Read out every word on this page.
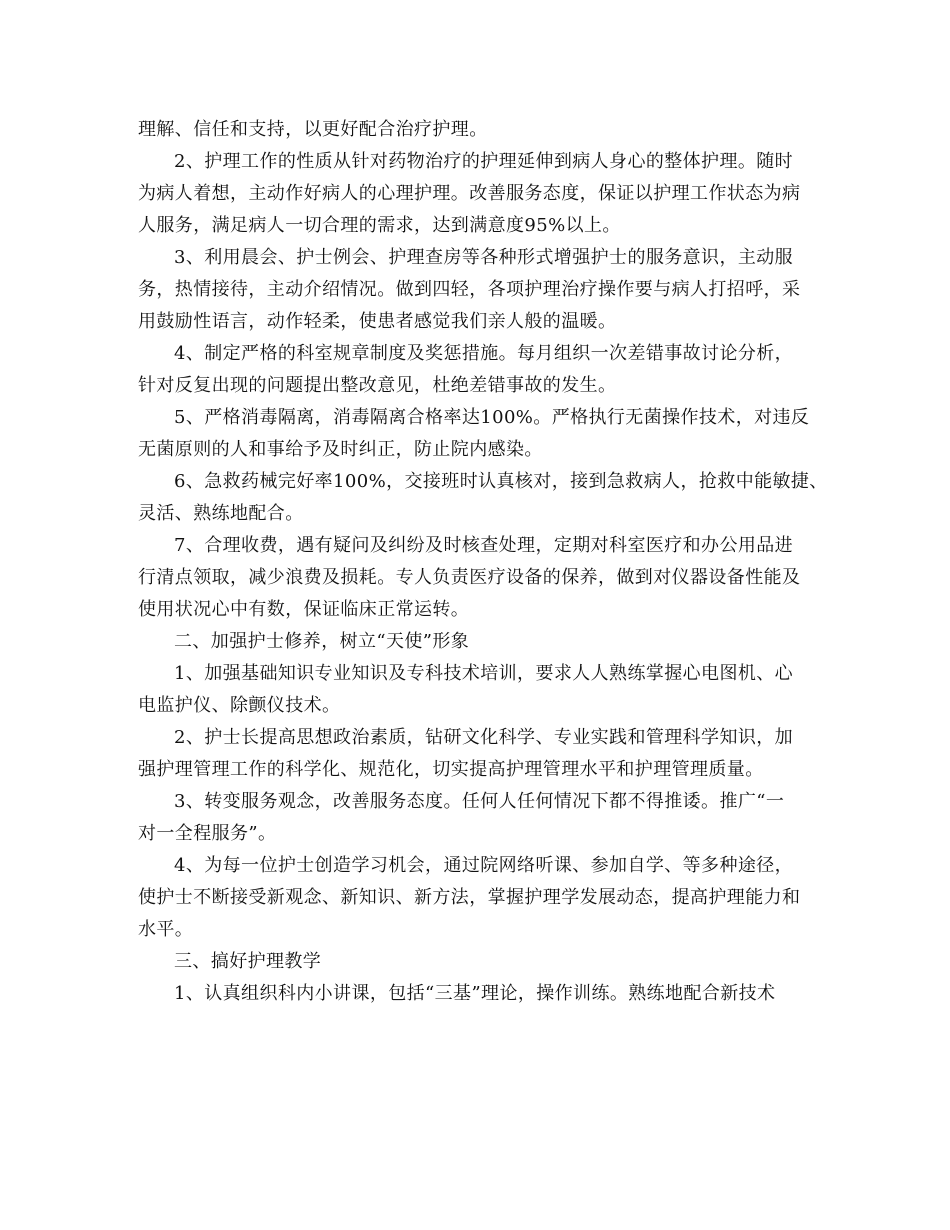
理解、信任和支持，以更好配合治疗护理。
2、护理工作的性质从针对药物治疗的护理延伸到病人身心的整体护理。随时
为病人着想，主动作好病人的心理护理。改善服务态度，保证以护理工作状态为病
人服务，满足病人一切合理的需求，达到满意度95%以上。
3、利用晨会、护士例会、护理查房等各种形式增强护士的服务意识，主动服
务，热情接待，主动介绍情况。做到四轻，各项护理治疗操作要与病人打招呼，采
用鼓励性语言，动作轻柔，使患者感觉我们亲人般的温暖。
4、制定严格的科室规章制度及奖惩措施。每月组织一次差错事故讨论分析，
针对反复出现的问题提出整改意见，杜绝差错事故的发生。
5、严格消毒隔离，消毒隔离合格率达100%。严格执行无菌操作技术，对违反
无菌原则的人和事给予及时纠正，防止院内感染。
6、急救药械完好率100%，交接班时认真核对，接到急救病人，抢救中能敏捷、
灵活、熟练地配合。
7、合理收费，遇有疑问及纠纷及时核查处理，定期对科室医疗和办公用品进
行清点领取，减少浪费及损耗。专人负责医疗设备的保养，做到对仪器设备性能及
使用状况心中有数，保证临床正常运转。
二、加强护士修养，树立“天使”形象
1、加强基础知识专业知识及专科技术培训，要求人人熟练掌握心电图机、心
电监护仪、除颤仪技术。
2、护士长提高思想政治素质，钻研文化科学、专业实践和管理科学知识，加
强护理管理工作的科学化、规范化，切实提高护理管理水平和护理管理质量。
3、转变服务观念，改善服务态度。任何人任何情况下都不得推诿。推广“一
对一全程服务”。
4、为每一位护士创造学习机会，通过院网络听课、参加自学、等多种途径，
使护士不断接受新观念、新知识、新方法，掌握护理学发展动态，提高护理能力和
水平。
三、搞好护理教学
1、认真组织科内小讲课，包括“三基”理论，操作训练。熟练地配合新技术
